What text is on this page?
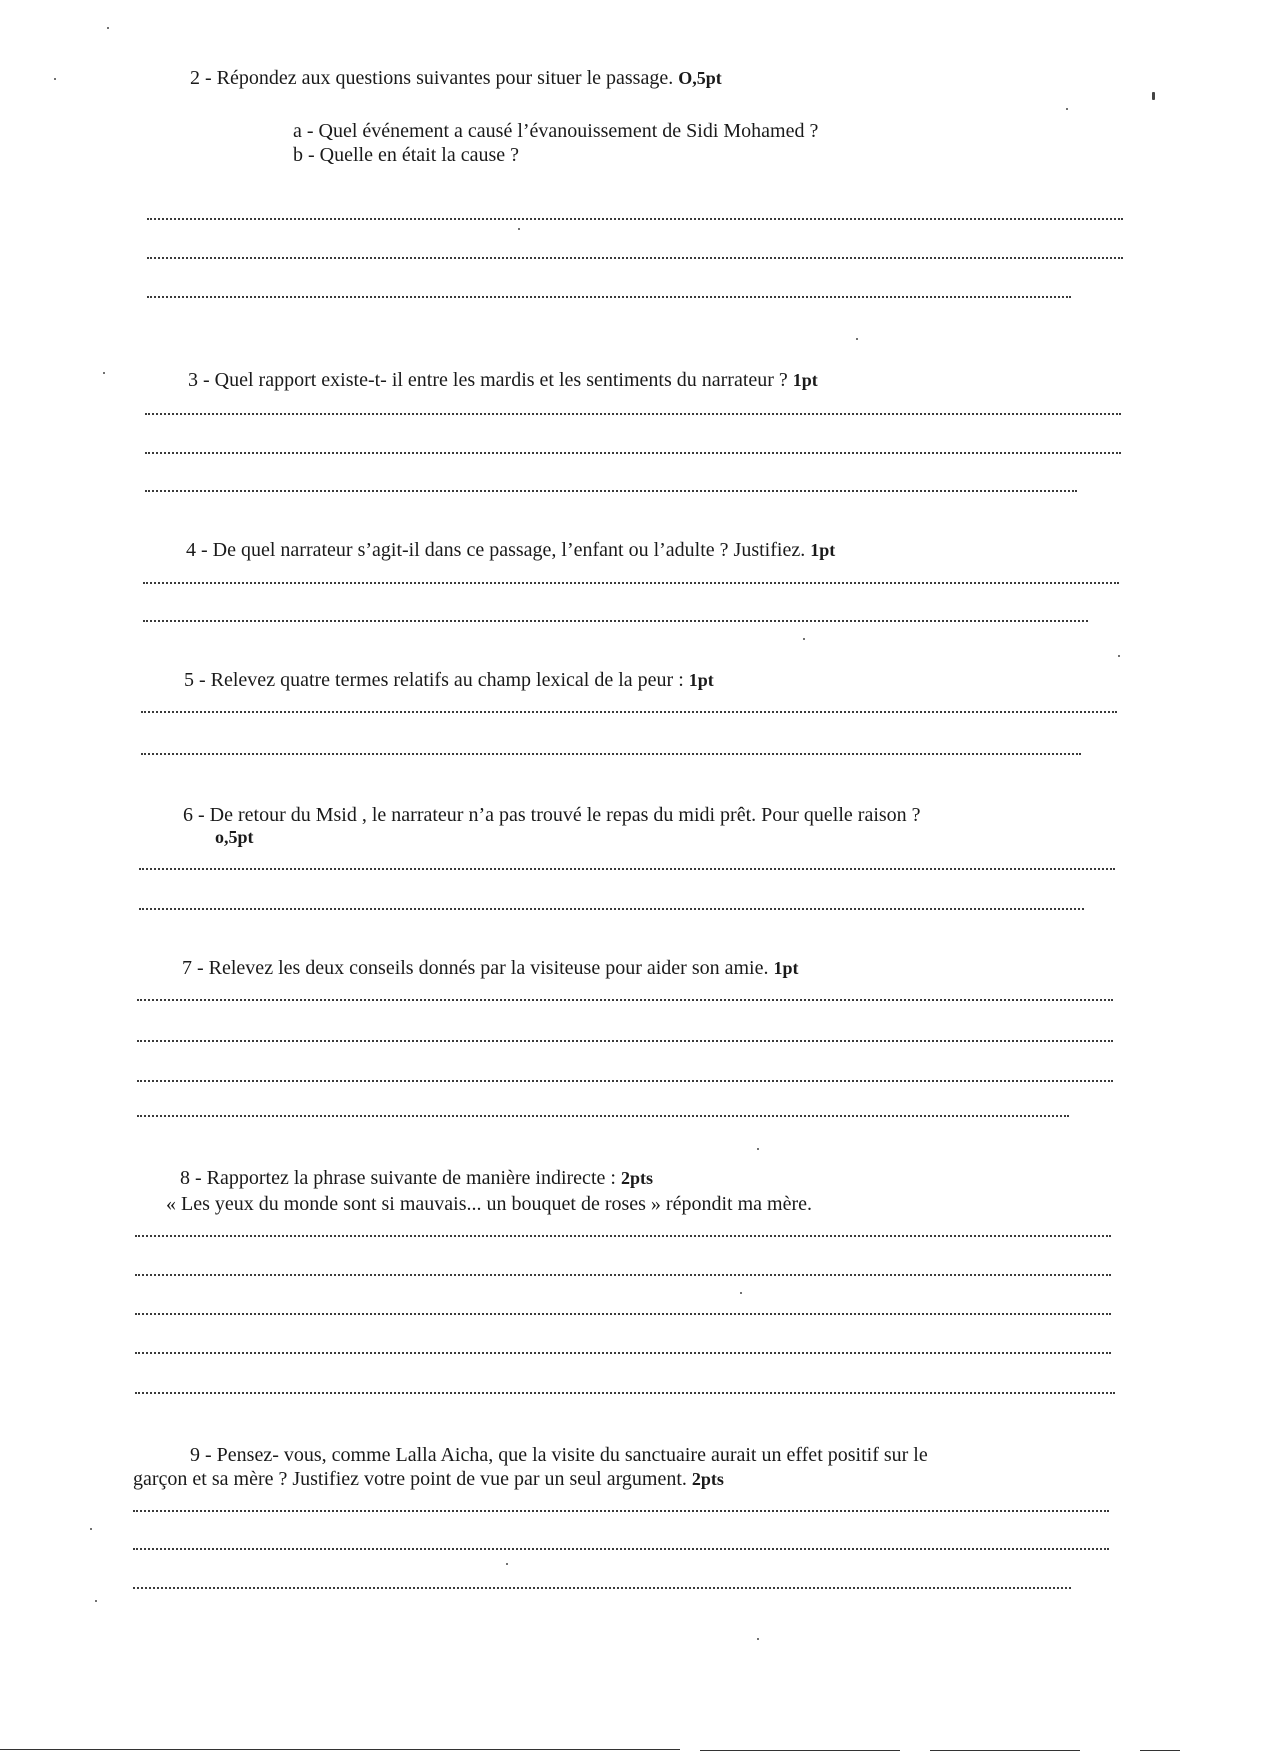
2 - Répondez aux questions suivantes pour situer le passage. O,5pt
a - Quel événement a causé l’évanouissement de Sidi Mohamed ?
b - Quelle en était la cause ?
3 - Quel rapport existe-t- il entre les mardis et les sentiments du narrateur ? 1pt
4 - De quel narrateur s’agit-il dans ce passage, l’enfant ou l’adulte ? Justifiez. 1pt
5 - Relevez quatre termes relatifs au champ lexical de la peur : 1pt
6 - De retour du Msid , le narrateur n’a pas trouvé le repas du midi prêt. Pour quelle raison ?
o,5pt
7 - Relevez les deux conseils donnés par la visiteuse pour aider son amie. 1pt
8 - Rapportez la phrase suivante de manière indirecte : 2pts
« Les yeux du monde sont si mauvais... un bouquet de roses » répondit ma mère.
9 - Pensez- vous, comme Lalla Aicha, que la visite du sanctuaire aurait un effet positif sur le
garçon et sa mère ? Justifiez votre point de vue par un seul argument. 2pts
